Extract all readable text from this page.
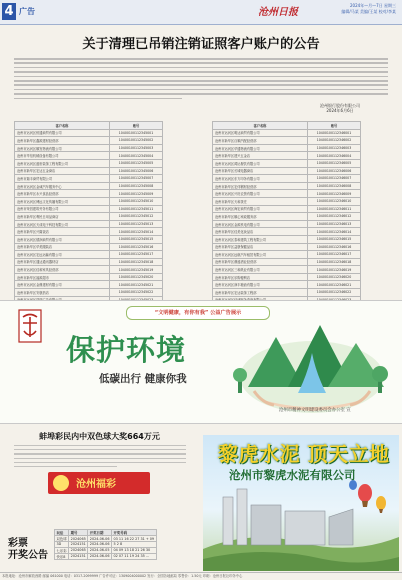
4 广告	沧州日报
2024年—月—7日 星期三
编辑/马某 美编/王某 校对/李某
关于清理已吊销注销证照客户账户的公告
沧州银行股份有限公司
2024年6月6日
客户名称	账号
沧州市运河区恒通商贸有限公司	10400100112345001
沧州市新华区鑫源建材经营部	10400100112345002
沧州市运河区顺发物流有限公司	10400100112345003
沧州市华信机械设备有限公司	10400100112345004
沧州市运河区盛世装饰工程有限公司	10400100112345005
沧州市新华区宏达五金商店	10400100112345006
沧州市瑞丰商贸有限公司	10400100112345007
沧州市运河区金诚汽车服务中心	10400100112345008
沧州市新华区永兴食品经营部	10400100112345009
沧州市运河区博远文化传播有限公司	10400100112345010
沧州市荣昌建筑劳务有限公司	10400100112345011
沧州市新华区利民日用品商店	10400100112345012
沧州市运河区天成电子科技有限公司	10400100112345013
沧州市新华区兴隆饭店	10400100112345014
沧州市运河区德润商贸有限公司	10400100112345015
沧州市新华区华美服装店	10400100112345016
沧州市运河区宏远运输有限公司	10400100112345017
沧州市新华区通达通讯器材店	10400100112345018
沧州市运河区佳和家具经营部	10400100112345019
沧州市新华区福源超市	10400100112345020
沧州市运河区金鼎建材有限公司	10400100112345021
沧州市新华区安康药店	10400100112345022

客户名称	账号
沧州市运河区明达商贸有限公司	10400100112346001
沧州市新华区百顺汽配经营部	10400100112346002
沧州市运河区华通物流有限公司	10400100112346003
沧州市新华区建兴五金店	10400100112346004
沧州市运河区鸿运餐饮有限公司	10400100112346005
沧州市新华区长城电器商店	10400100112346006
沧州市运河区东方印务有限公司	10400100112346007
沧州市新华区宏伟钢材经营部	10400100112346008
沧州市运河区兴旺农资有限公司	10400100112346009
沧州市新华区天和茶庄	10400100112346010
沧州市运河区海宏商贸有限公司	10400100112346011
沧州市新华区顺心家政服务部	10400100112346012
沧州市运河区金源机电有限公司	10400100112346013
沧州市新华区佳美化妆品店	10400100112346014
沧州市运河区泰和建筑工程有限公司	10400100112346015
沧州市新华区益康保健品店	10400100112346016
沧州市运河区远航汽车租赁有限公司	10400100112346017
沧州市新华区鼎盛酒业经营部	10400100112346018
沧州市运河区三和纸业有限公司	10400100112346019
沧州市新华区乐购便利店	10400100112346020
沧州市运河区润丰粮油有限公司	10400100112346021
沧州市新华区宏达装饰工程部	10400100112346022

“文明健康，有你有我” 公益广告展示
保护环境
低碳出行 健康你我
沧州市精神文明建设委员会办公室 宣
蚌埠彩民内中双色球大奖664万元
沧州福彩
彩票
开奖公告
玩法	期号	开奖日期	开奖号码
双色球	2024065	2024-06-06	03 11 16 22 27 31 + 09
3D	2024151	2024-06-06	5 2 8
七乐彩	2024065	2024-06-05	04 09 13 18 21 26 30
快乐8	2024151	2024-06-06	02 07 11 19 24 35 ...
黎虎水泥 顶天立地
沧州市黎虎水泥有限公司
本报地址：沧州市解放西路 邮编 061000 电话：0317-2099999 广告许可证：1309004000002 发行：全国各地邮局 零售价：1.50元 印刷：沧州日报社印务中心
